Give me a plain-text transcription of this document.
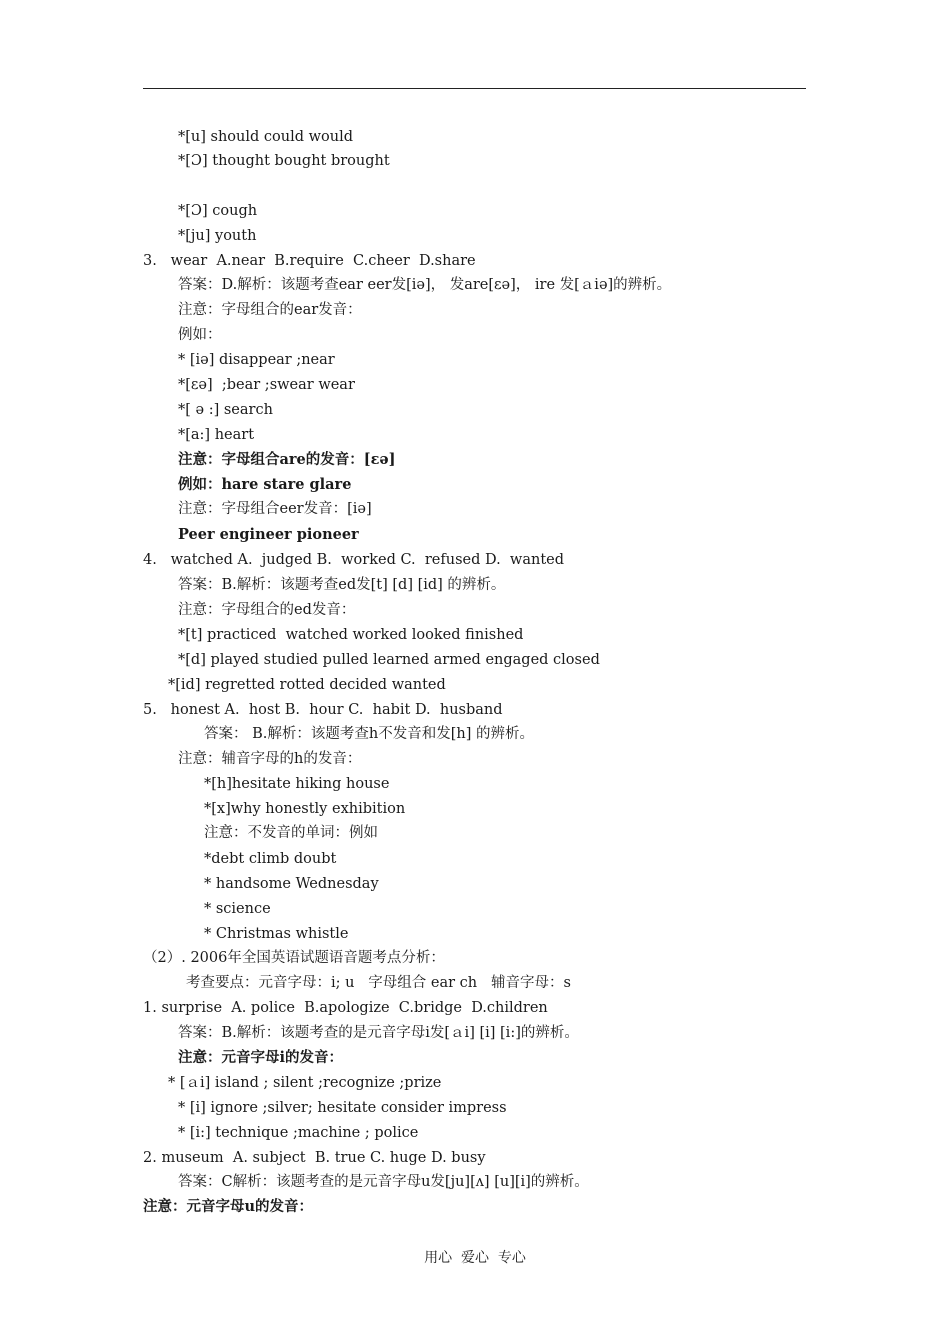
*[u] should could would
*[Ɔ] thought bought brought
*[Ɔ] cough
*[ju] youth
3.   wear  A.near  B.require  C.cheer  D.share
答案：D.解析：该题考查ear eer发[iə]， 发are[εə]， ire 发[ａiə]的辨析。
注意：字母组合的ear发音：
例如：
* [iə] disappear ;near
*[εə]  ;bear ;swear wear
*[ ə :] search
*[a:] heart
注意：字母组合are的发音：[εə]
例如：hare stare glare
注意：字母组合eer发音：[iə]
Peer engineer pioneer
4.   watched A.  judged B.  worked C.  refused D.  wanted
答案：B.解析：该题考查ed发[t] [d] [id] 的辨析。
注意：字母组合的ed发音：
*[t] practiced  watched worked looked finished
*[d] played studied pulled learned armed engaged closed
*[id] regretted rotted decided wanted
5.   honest A.  host B.  hour C.  habit D.  husband
答案： B.解析：该题考查h不发音和发[h] 的辨析。
注意：辅音字母的h的发音：
*[h]hesitate hiking house
*[x]why honestly exhibition
注意：不发音的单词：例如
*debt climb doubt
* handsome Wednesday
* science
* Christmas whistle
（2）. 2006年全国英语试题语音题考点分析：
考查要点：元音字母：i; u   字母组合 ear ch   辅音字母：s
1. surprise  A. police  B.apologize  C.bridge  D.children
答案：B.解析：该题考查的是元音字母i发[ａi] [i] [i:]的辨析。
注意：元音字母i的发音：
* [ａi] island ; silent ;recognize ;prize
* [i] ignore ;silver; hesitate consider impress
* [i:] technique ;machine ; police
2. museum  A. subject  B. true C. huge D. busy
答案：C解析：该题考查的是元音字母u发[ju][ʌ] [u][i]的辨析。
注意：元音字母u的发音：
用心  爱心  专心
